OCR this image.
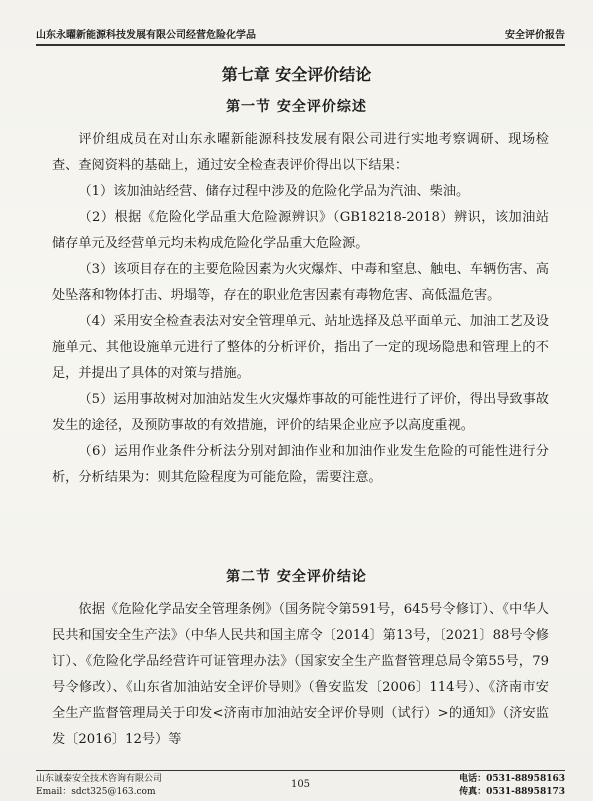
山东永曜新能源科技发展有限公司经营危险化学品	安全评价报告
第七章 安全评价结论
第一节 安全评价综述

评价组成员在对山东永曜新能源科技发展有限公司进行实地考察调研、现场检查、查阅资料的基础上，通过安全检查表评价得出以下结果：

（1）该加油站经营、储存过程中涉及的危险化学品为汽油、柴油。

（2）根据《危险化学品重大危险源辨识》（GB18218-2018）辨识，该加油站储存单元及经营单元均未构成危险化学品重大危险源。

（3）该项目存在的主要危险因素为火灾爆炸、中毒和窒息、触电、车辆伤害、高处坠落和物体打击、坍塌等，存在的职业危害因素有毒物危害、高低温危害。

（4）采用安全检查表法对安全管理单元、站址选择及总平面单元、加油工艺及设施单元、其他设施单元进行了整体的分析评价，指出了一定的现场隐患和管理上的不足，并提出了具体的对策与措施。

（5）运用事故树对加油站发生火灾爆炸事故的可能性进行了评价，得出导致事故发生的途径，及预防事故的有效措施，评价的结果企业应予以高度重视。

（6）运用作业条件分析法分别对卸油作业和加油作业发生危险的可能性进行分析，分析结果为：则其危险程度为可能危险，需要注意。

第二节 安全评价结论

依据《危险化学品安全管理条例》（国务院令第591号，645号令修订）、《中华人民共和国安全生产法》（中华人民共和国主席令〔2014〕第13号，〔2021〕88号令修订）、《危险化学品经营许可证管理办法》（国家安全生产监督管理总局令第55号，79号令修改）、《山东省加油站安全评价导则》（鲁安监发〔2006〕114号）、《济南市安全生产监督管理局关于印发<济南市加油站安全评价导则（试行）>的通知》（济安监发〔2016〕12号）等

山东诚泰安全技术咨询有限公司
Email：sdct325@163.com
105	电话：0531-88958163
传真：0531-88958173
